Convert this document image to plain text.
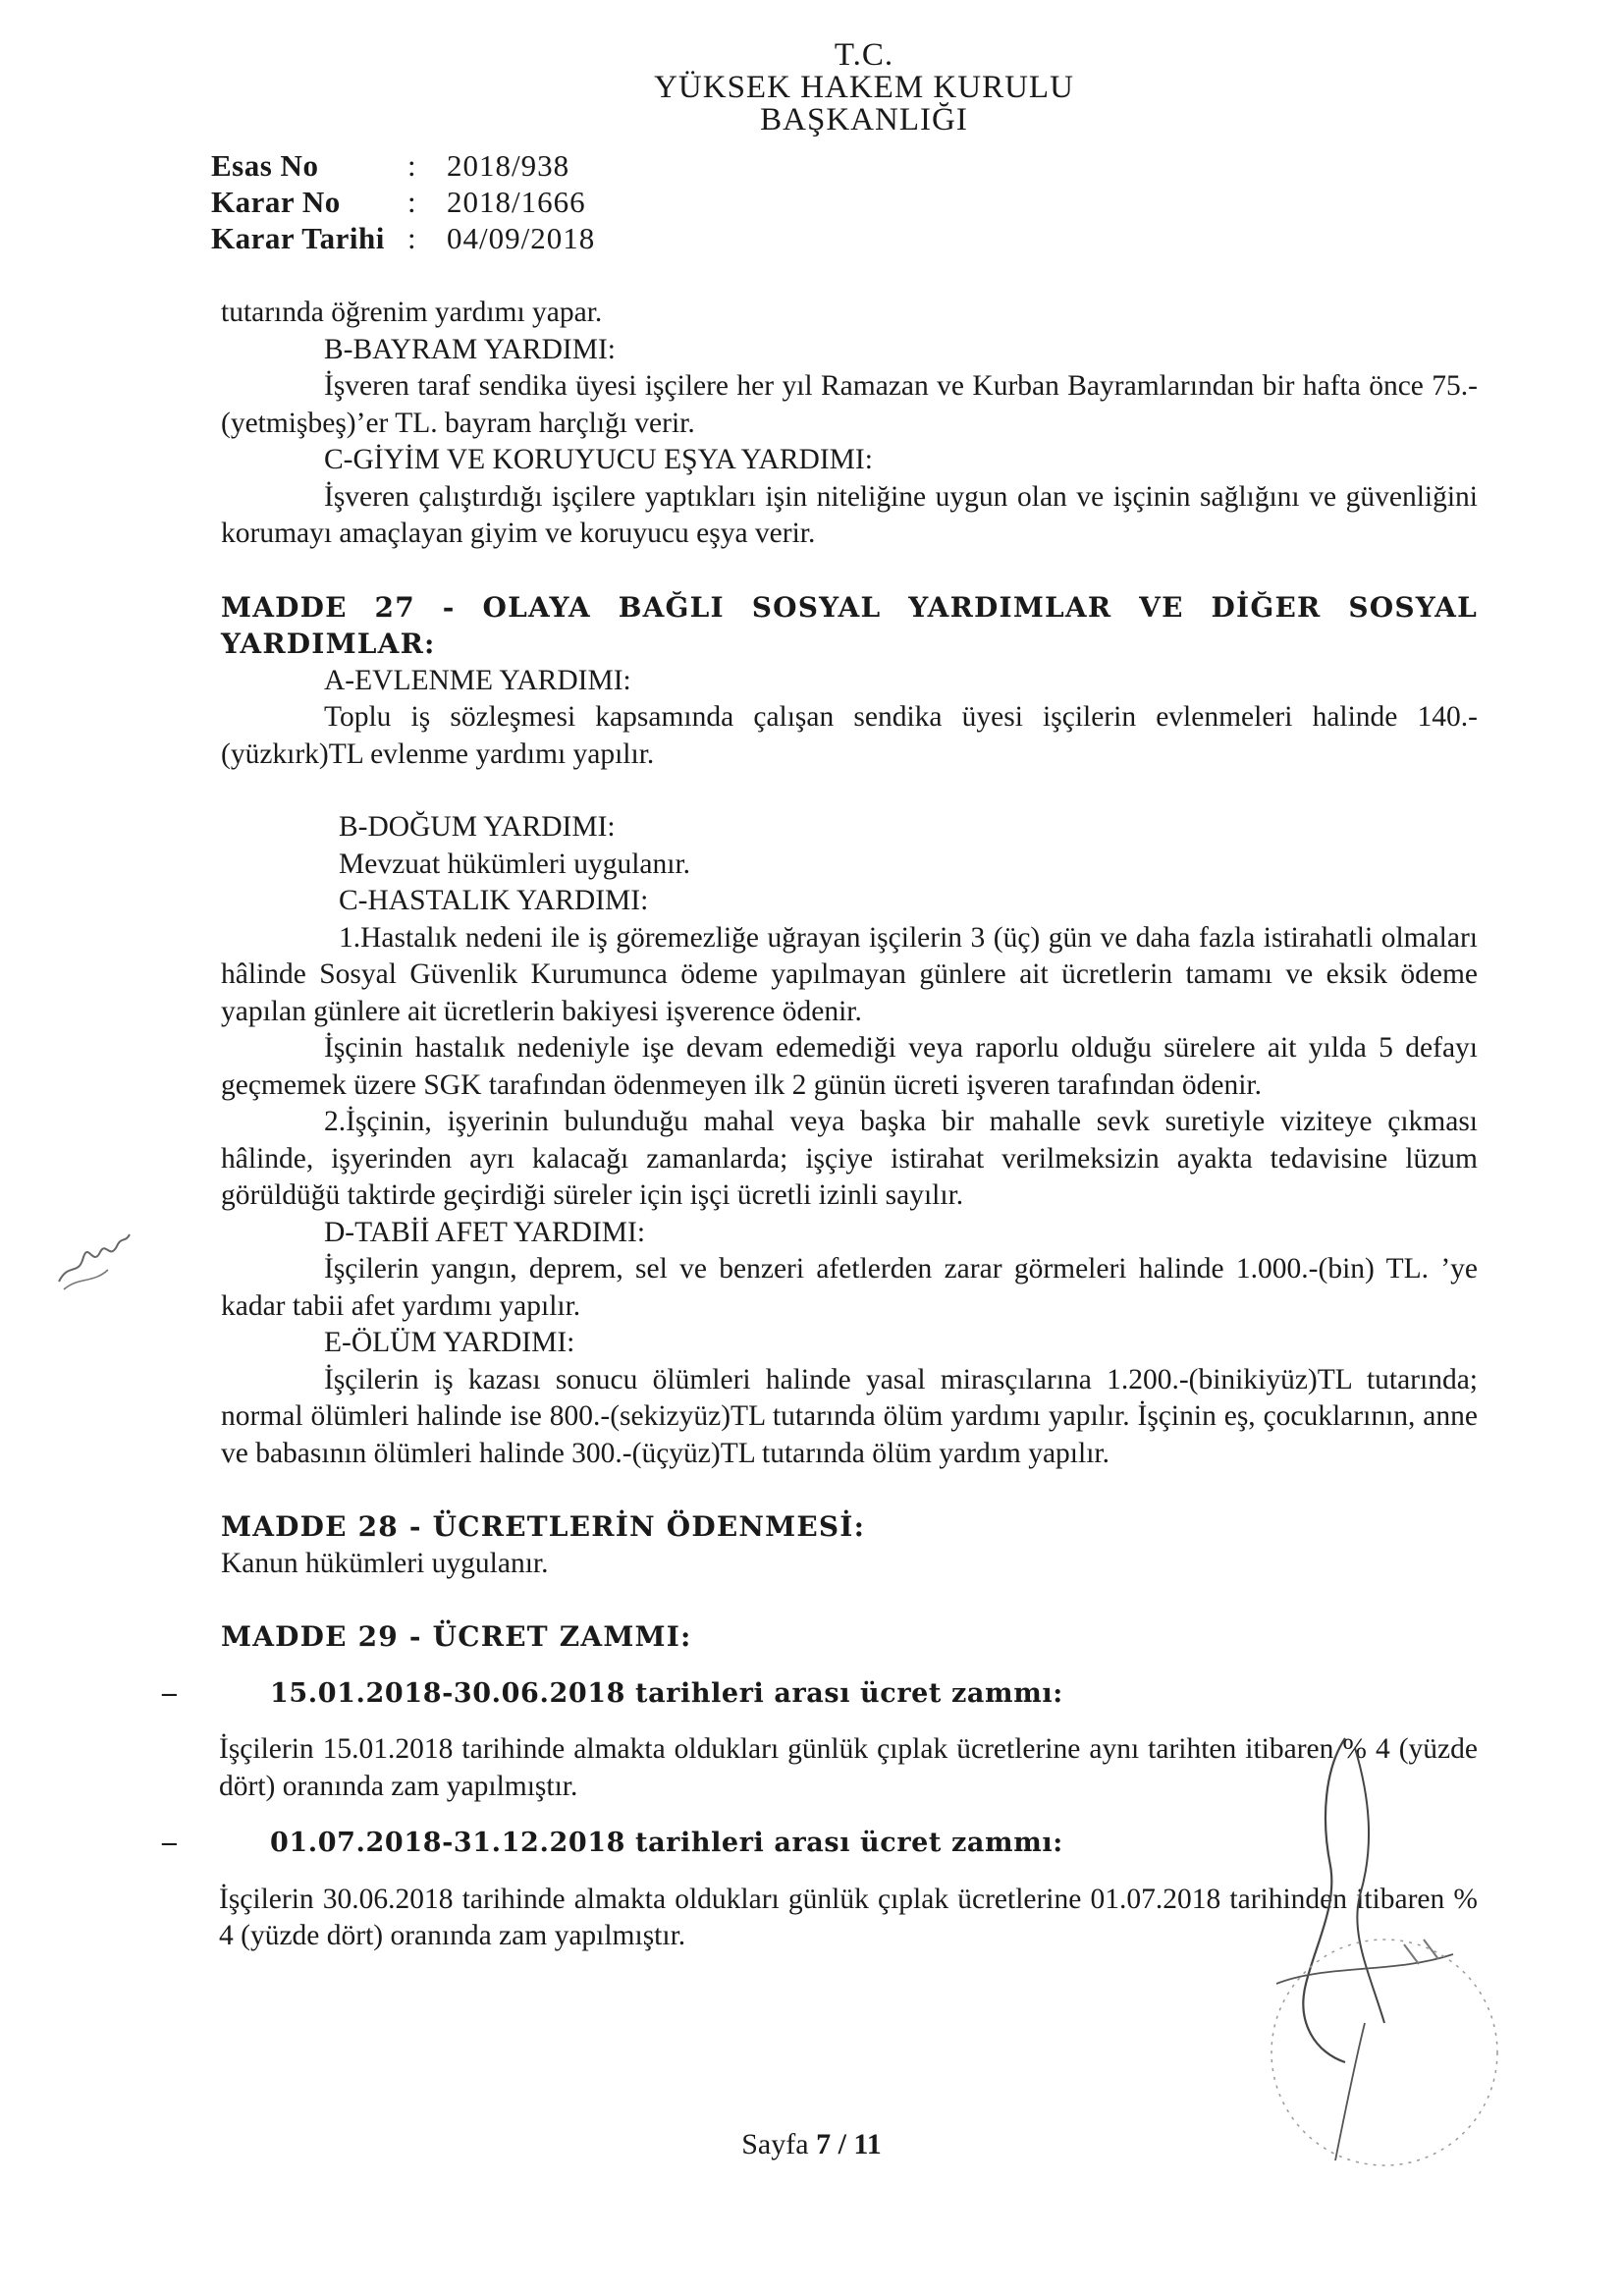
T.C.
YÜKSEK HAKEM KURULU
BAŞKANLIĞI
Esas No	:	2018/938
Karar No	:	2018/1666
Karar Tarihi :	04/09/2018

tutarında öğrenim yardımı yapar.

B-BAYRAM YARDIMI:

İşveren taraf sendika üyesi işçilere her yıl Ramazan ve Kurban Bayramlarından bir hafta önce 75.-(yetmişbeş)’er TL. bayram harçlığı verir.

C-GİYİM VE KORUYUCU EŞYA YARDIMI:

İşveren çalıştırdığı işçilere yaptıkları işin niteliğine uygun olan ve işçinin sağlığını ve güvenliğini korumayı amaçlayan giyim ve koruyucu eşya verir.

MADDE 27 - OLAYA BAĞLI SOSYAL YARDIMLAR VE DİĞER SOSYAL YARDIMLAR:

A-EVLENME YARDIMI:

Toplu iş sözleşmesi kapsamında çalışan sendika üyesi işçilerin evlenmeleri halinde 140.-(yüzkırk)TL evlenme yardımı yapılır.

B-DOĞUM YARDIMI:

Mevzuat hükümleri uygulanır.

C-HASTALIK YARDIMI:

1.Hastalık nedeni ile iş göremezliğe uğrayan işçilerin 3 (üç) gün ve daha fazla istirahatli olmaları hâlinde Sosyal Güvenlik Kurumunca ödeme yapılmayan günlere ait ücretlerin tamamı ve eksik ödeme yapılan günlere ait ücretlerin bakiyesi işverence ödenir.

İşçinin hastalık nedeniyle işe devam edemediği veya raporlu olduğu sürelere ait yılda 5 defayı geçmemek üzere SGK tarafından ödenmeyen ilk 2 günün ücreti işveren tarafından ödenir.

2.İşçinin, işyerinin bulunduğu mahal veya başka bir mahalle sevk suretiyle viziteye çıkması hâlinde, işyerinden ayrı kalacağı zamanlarda; işçiye istirahat verilmeksizin ayakta tedavisine lüzum görüldüğü taktirde geçirdiği süreler için işçi ücretli izinli sayılır.

D-TABİİ AFET YARDIMI:

İşçilerin yangın, deprem, sel ve benzeri afetlerden zarar görmeleri halinde 1.000.-(bin) TL. ’ye kadar tabii afet yardımı yapılır.

E-ÖLÜM YARDIMI:

İşçilerin iş kazası sonucu ölümleri halinde yasal mirasçılarına 1.200.-(binikiyüz)TL tutarında; normal ölümleri halinde ise 800.-(sekizyüz)TL tutarında ölüm yardımı yapılır. İşçinin eş, çocuklarının, anne ve babasının ölümleri halinde 300.-(üçyüz)TL tutarında ölüm yardım yapılır.

MADDE 28 - ÜCRETLERİN ÖDENMESİ:

Kanun hükümleri uygulanır.

MADDE 29 - ÜCRET ZAMMI:

–	15.01.2018-30.06.2018 tarihleri arası ücret zammı:

İşçilerin 15.01.2018 tarihinde almakta oldukları günlük çıplak ücretlerine aynı tarihten itibaren % 4 (yüzde dört) oranında zam yapılmıştır.

–	01.07.2018-31.12.2018 tarihleri arası ücret zammı:

İşçilerin 30.06.2018 tarihinde almakta oldukları günlük çıplak ücretlerine 01.07.2018 tarihinden itibaren % 4 (yüzde dört) oranında zam yapılmıştır.

Sayfa 7 / 11
